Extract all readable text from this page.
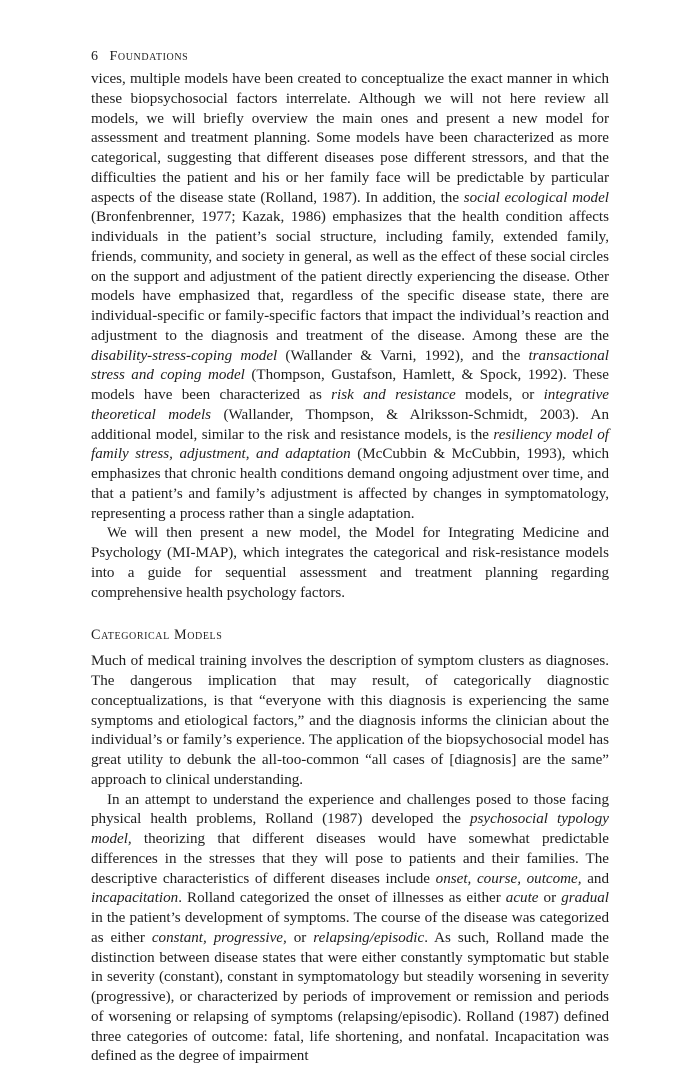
6 Foundations

vices, multiple models have been created to conceptualize the exact manner in which these biopsychosocial factors interrelate. Although we will not here review all models, we will briefly overview the main ones and present a new model for assessment and treatment planning. Some models have been characterized as more categorical, suggesting that different diseases pose different stressors, and that the difficulties the patient and his or her family face will be predictable by particular aspects of the disease state (Rolland, 1987). In addition, the social ecological model (Bronfenbrenner, 1977; Kazak, 1986) emphasizes that the health condition affects individuals in the patient’s social structure, including family, extended family, friends, community, and society in general, as well as the effect of these social circles on the support and adjustment of the patient directly experiencing the disease. Other models have emphasized that, regardless of the specific disease state, there are individual-specific or family-specific factors that impact the individual’s reaction and adjustment to the diagnosis and treatment of the disease. Among these are the disability-stress-coping model (Wallander & Varni, 1992), and the transactional stress and coping model (Thompson, Gustafson, Hamlett, & Spock, 1992). These models have been characterized as risk and resistance models, or integrative theoretical models (Wallander, Thompson, & Alriksson-Schmidt, 2003). An additional model, similar to the risk and resistance models, is the resiliency model of family stress, adjustment, and adaptation (McCubbin & McCubbin, 1993), which emphasizes that chronic health conditions demand ongoing adjustment over time, and that a patient’s and family’s adjustment is affected by changes in symptomatology, representing a process rather than a single adaptation.

We will then present a new model, the Model for Integrating Medicine and Psychology (MI-MAP), which integrates the categorical and risk-resistance models into a guide for sequential assessment and treatment planning regarding comprehensive health psychology factors.

Categorical Models

Much of medical training involves the description of symptom clusters as diagnoses. The dangerous implication that may result, of categorically diagnostic conceptualizations, is that “everyone with this diagnosis is experiencing the same symptoms and etiological factors,” and the diagnosis informs the clinician about the individual’s or family’s experience. The application of the biopsychosocial model has great utility to debunk the all-too-common “all cases of [diagnosis] are the same” approach to clinical understanding.

In an attempt to understand the experience and challenges posed to those facing physical health problems, Rolland (1987) developed the psychosocial typology model, theorizing that different diseases would have somewhat predictable differences in the stresses that they will pose to patients and their families. The descriptive characteristics of different diseases include onset, course, outcome, and incapacitation. Rolland categorized the onset of illnesses as either acute or gradual in the patient’s development of symptoms. The course of the disease was categorized as either constant, progressive, or relapsing/episodic. As such, Rolland made the distinction between disease states that were either constantly symptomatic but stable in severity (constant), constant in symptomatology but steadily worsening in severity (progressive), or characterized by periods of improvement or remission and periods of worsening or relapsing of symptoms (relapsing/episodic). Rolland (1987) defined three categories of outcome: fatal, life shortening, and nonfatal. Incapacitation was defined as the degree of impairment
